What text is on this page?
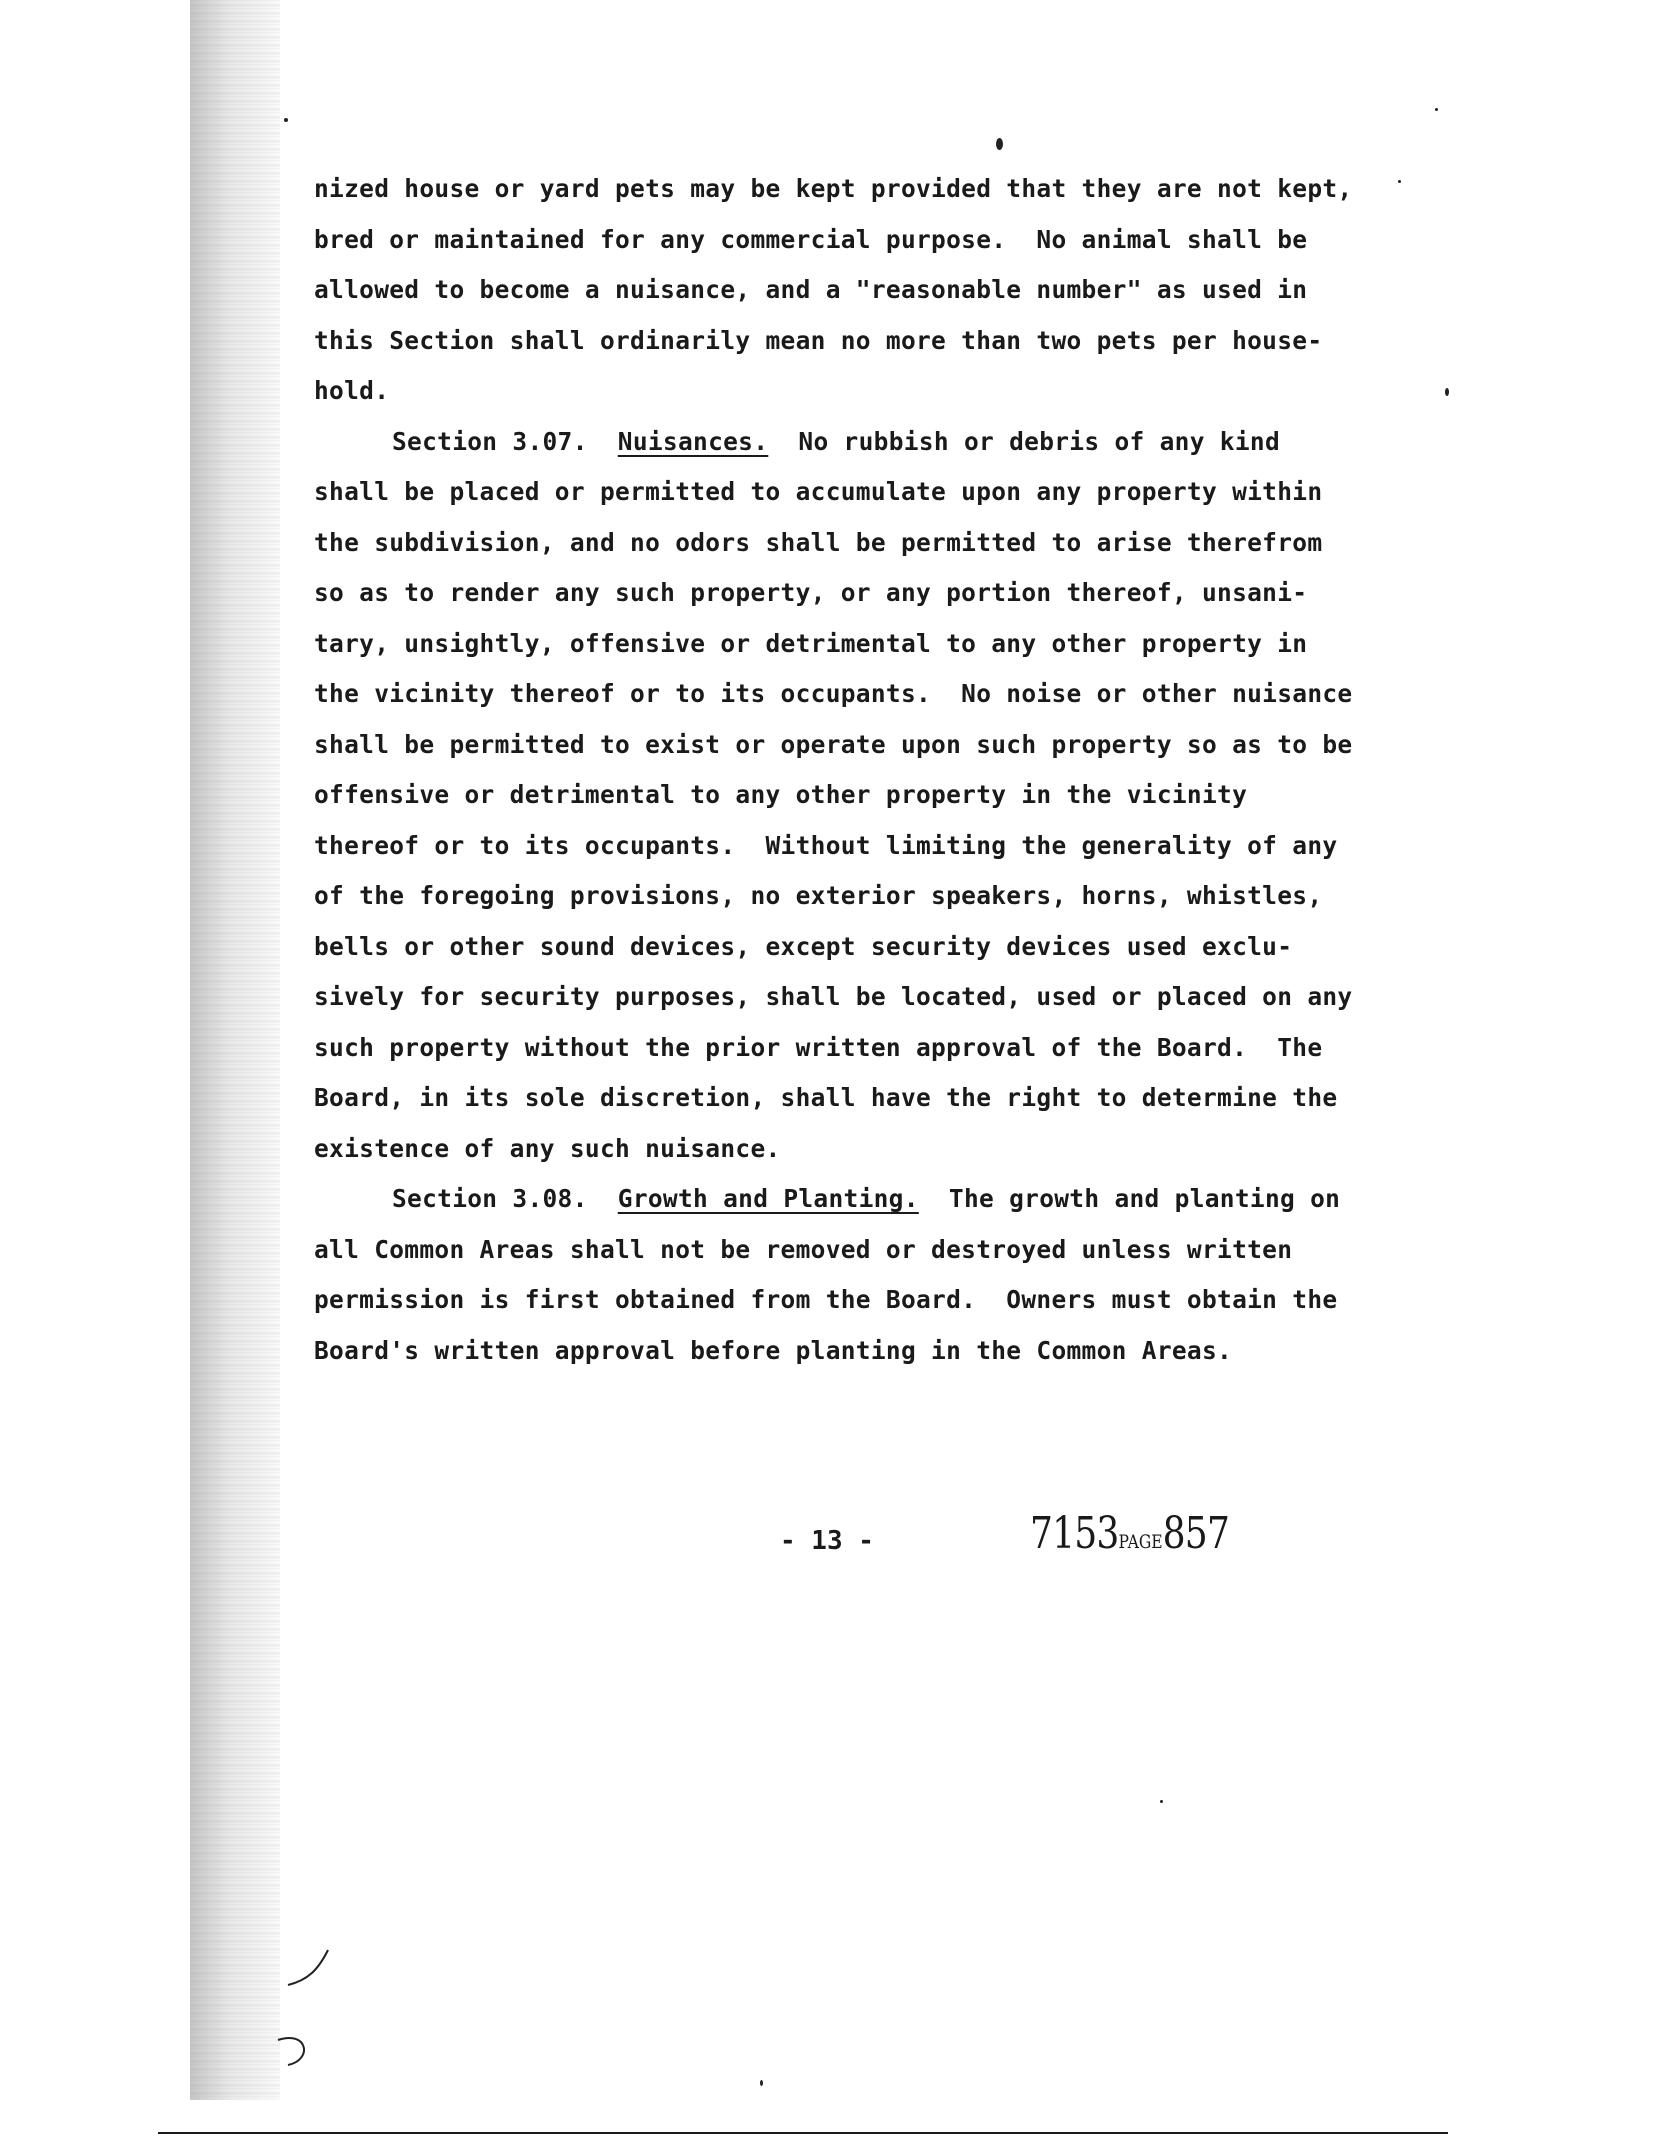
nized house or yard pets may be kept provided that they are not kept,
bred or maintained for any commercial purpose.  No animal shall be
allowed to become a nuisance, and a "reasonable number" as used in
this Section shall ordinarily mean no more than two pets per house-
hold.
Section 3.07. Nuisances. No rubbish or debris of any kind
shall be placed or permitted to accumulate upon any property within
the subdivision, and no odors shall be permitted to arise therefrom
so as to render any such property, or any portion thereof, unsani-
tary, unsightly, offensive or detrimental to any other property in
the vicinity thereof or to its occupants.  No noise or other nuisance
shall be permitted to exist or operate upon such property so as to be
offensive or detrimental to any other property in the vicinity
thereof or to its occupants.  Without limiting the generality of any
of the foregoing provisions, no exterior speakers, horns, whistles,
bells or other sound devices, except security devices used exclu-
sively for security purposes, shall be located, used or placed on any
such property without the prior written approval of the Board.  The
Board, in its sole discretion, shall have the right to determine the
existence of any such nuisance.
Section 3.08. Growth and Planting. The growth and planting on
all Common Areas shall not be removed or destroyed unless written
permission is first obtained from the Board.  Owners must obtain the
Board's written approval before planting in the Common Areas.
- 13 -	7153PAGE857
